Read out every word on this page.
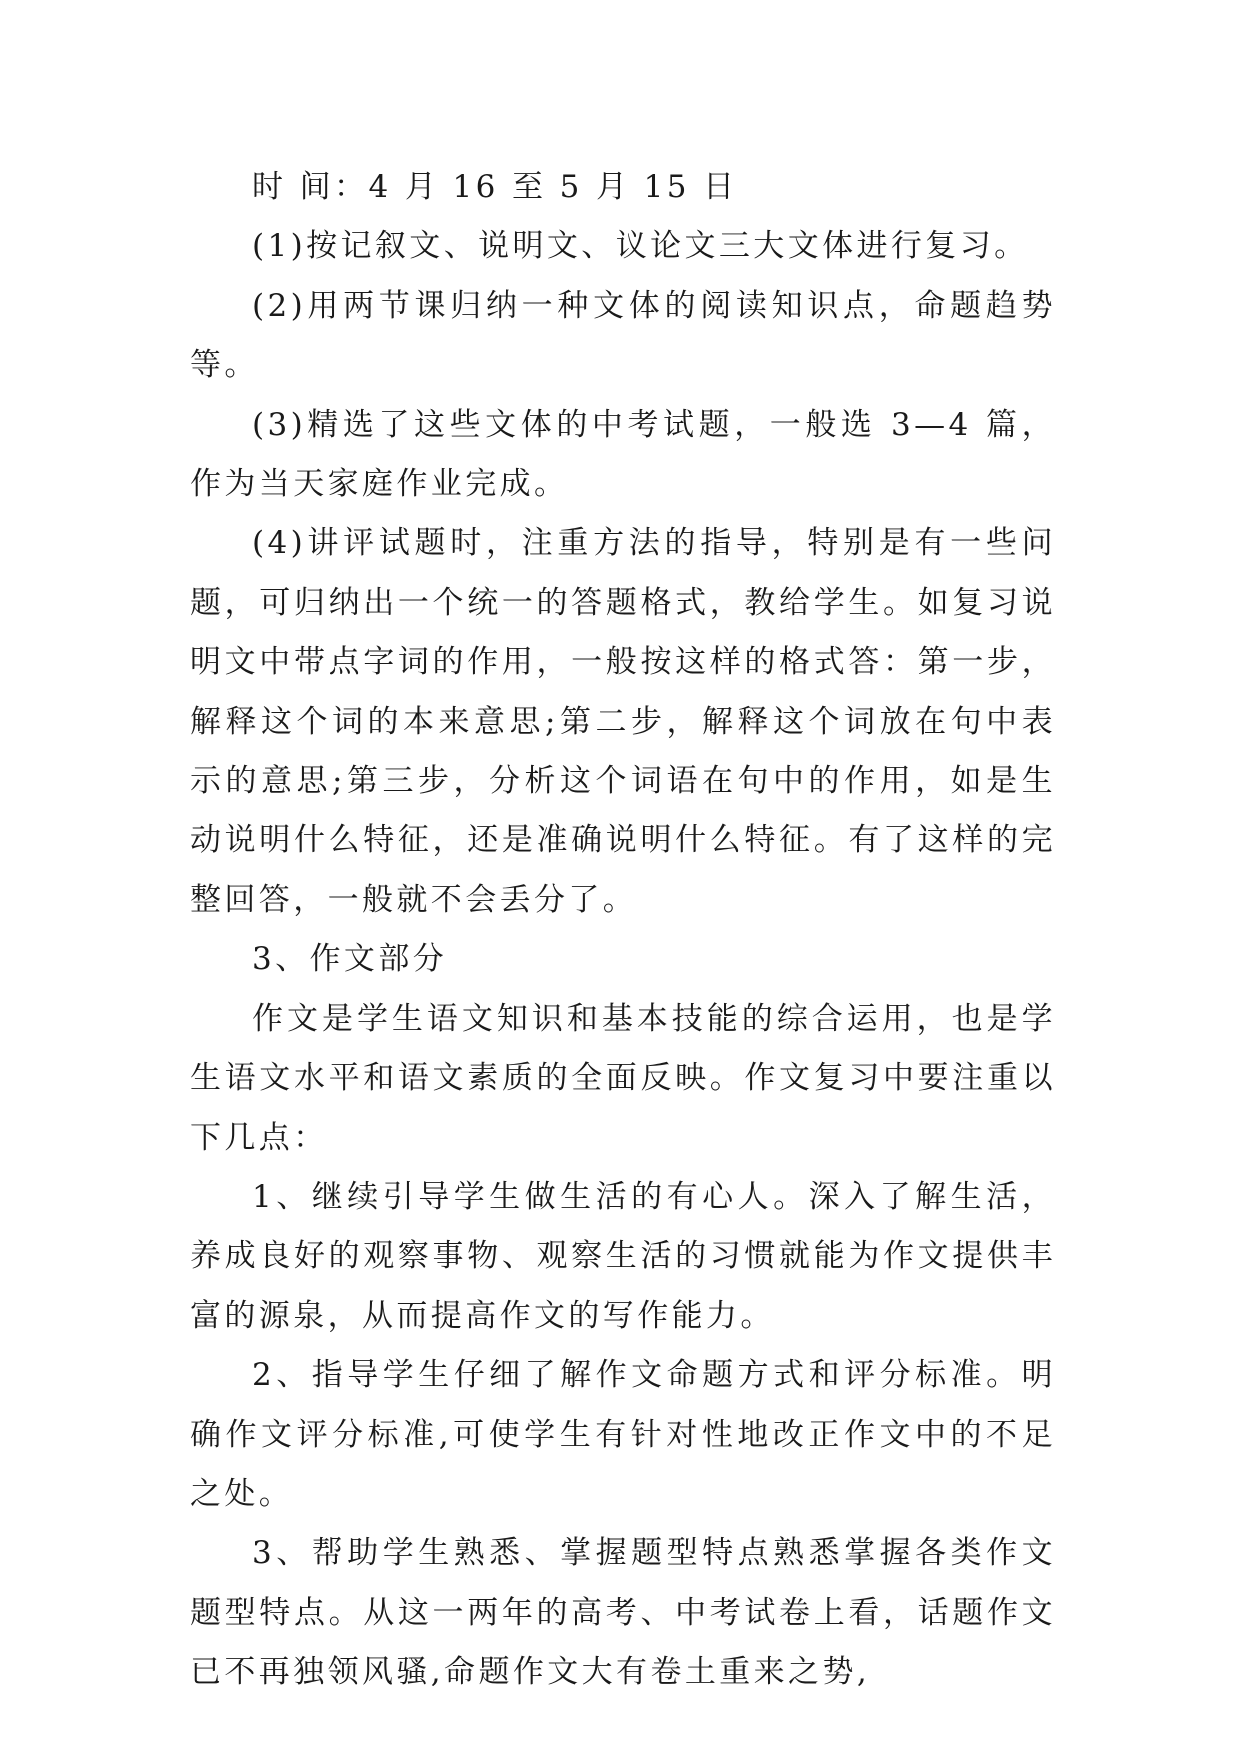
时 间：4 月 16 至 5 月 15 日

(1)按记叙文、说明文、议论文三大文体进行复习。

(2)用两节课归纳一种文体的阅读知识点，命题趋势等。

(3)精选了这些文体的中考试题，一般选 3—4 篇，作为当天家庭作业完成。

(4)讲评试题时，注重方法的指导，特别是有一些问题，可归纳出一个统一的答题格式，教给学生。如复习说明文中带点字词的作用，一般按这样的格式答：第一步，解释这个词的本来意思;第二步，解释这个词放在句中表示的意思;第三步，分析这个词语在句中的作用，如是生动说明什么特征，还是准确说明什么特征。有了这样的完整回答，一般就不会丢分了。

3、作文部分

作文是学生语文知识和基本技能的综合运用，也是学生语文水平和语文素质的全面反映。作文复习中要注重以下几点：

1、继续引导学生做生活的有心人。深入了解生活，养成良好的观察事物、观察生活的习惯就能为作文提供丰富的源泉，从而提高作文的写作能力。

2、指导学生仔细了解作文命题方式和评分标准。明确作文评分标准,可使学生有针对性地改正作文中的不足之处。

3、帮助学生熟悉、掌握题型特点熟悉掌握各类作文题型特点。从这一两年的高考、中考试卷上看，话题作文已不再独领风骚,命题作文大有卷土重来之势,
